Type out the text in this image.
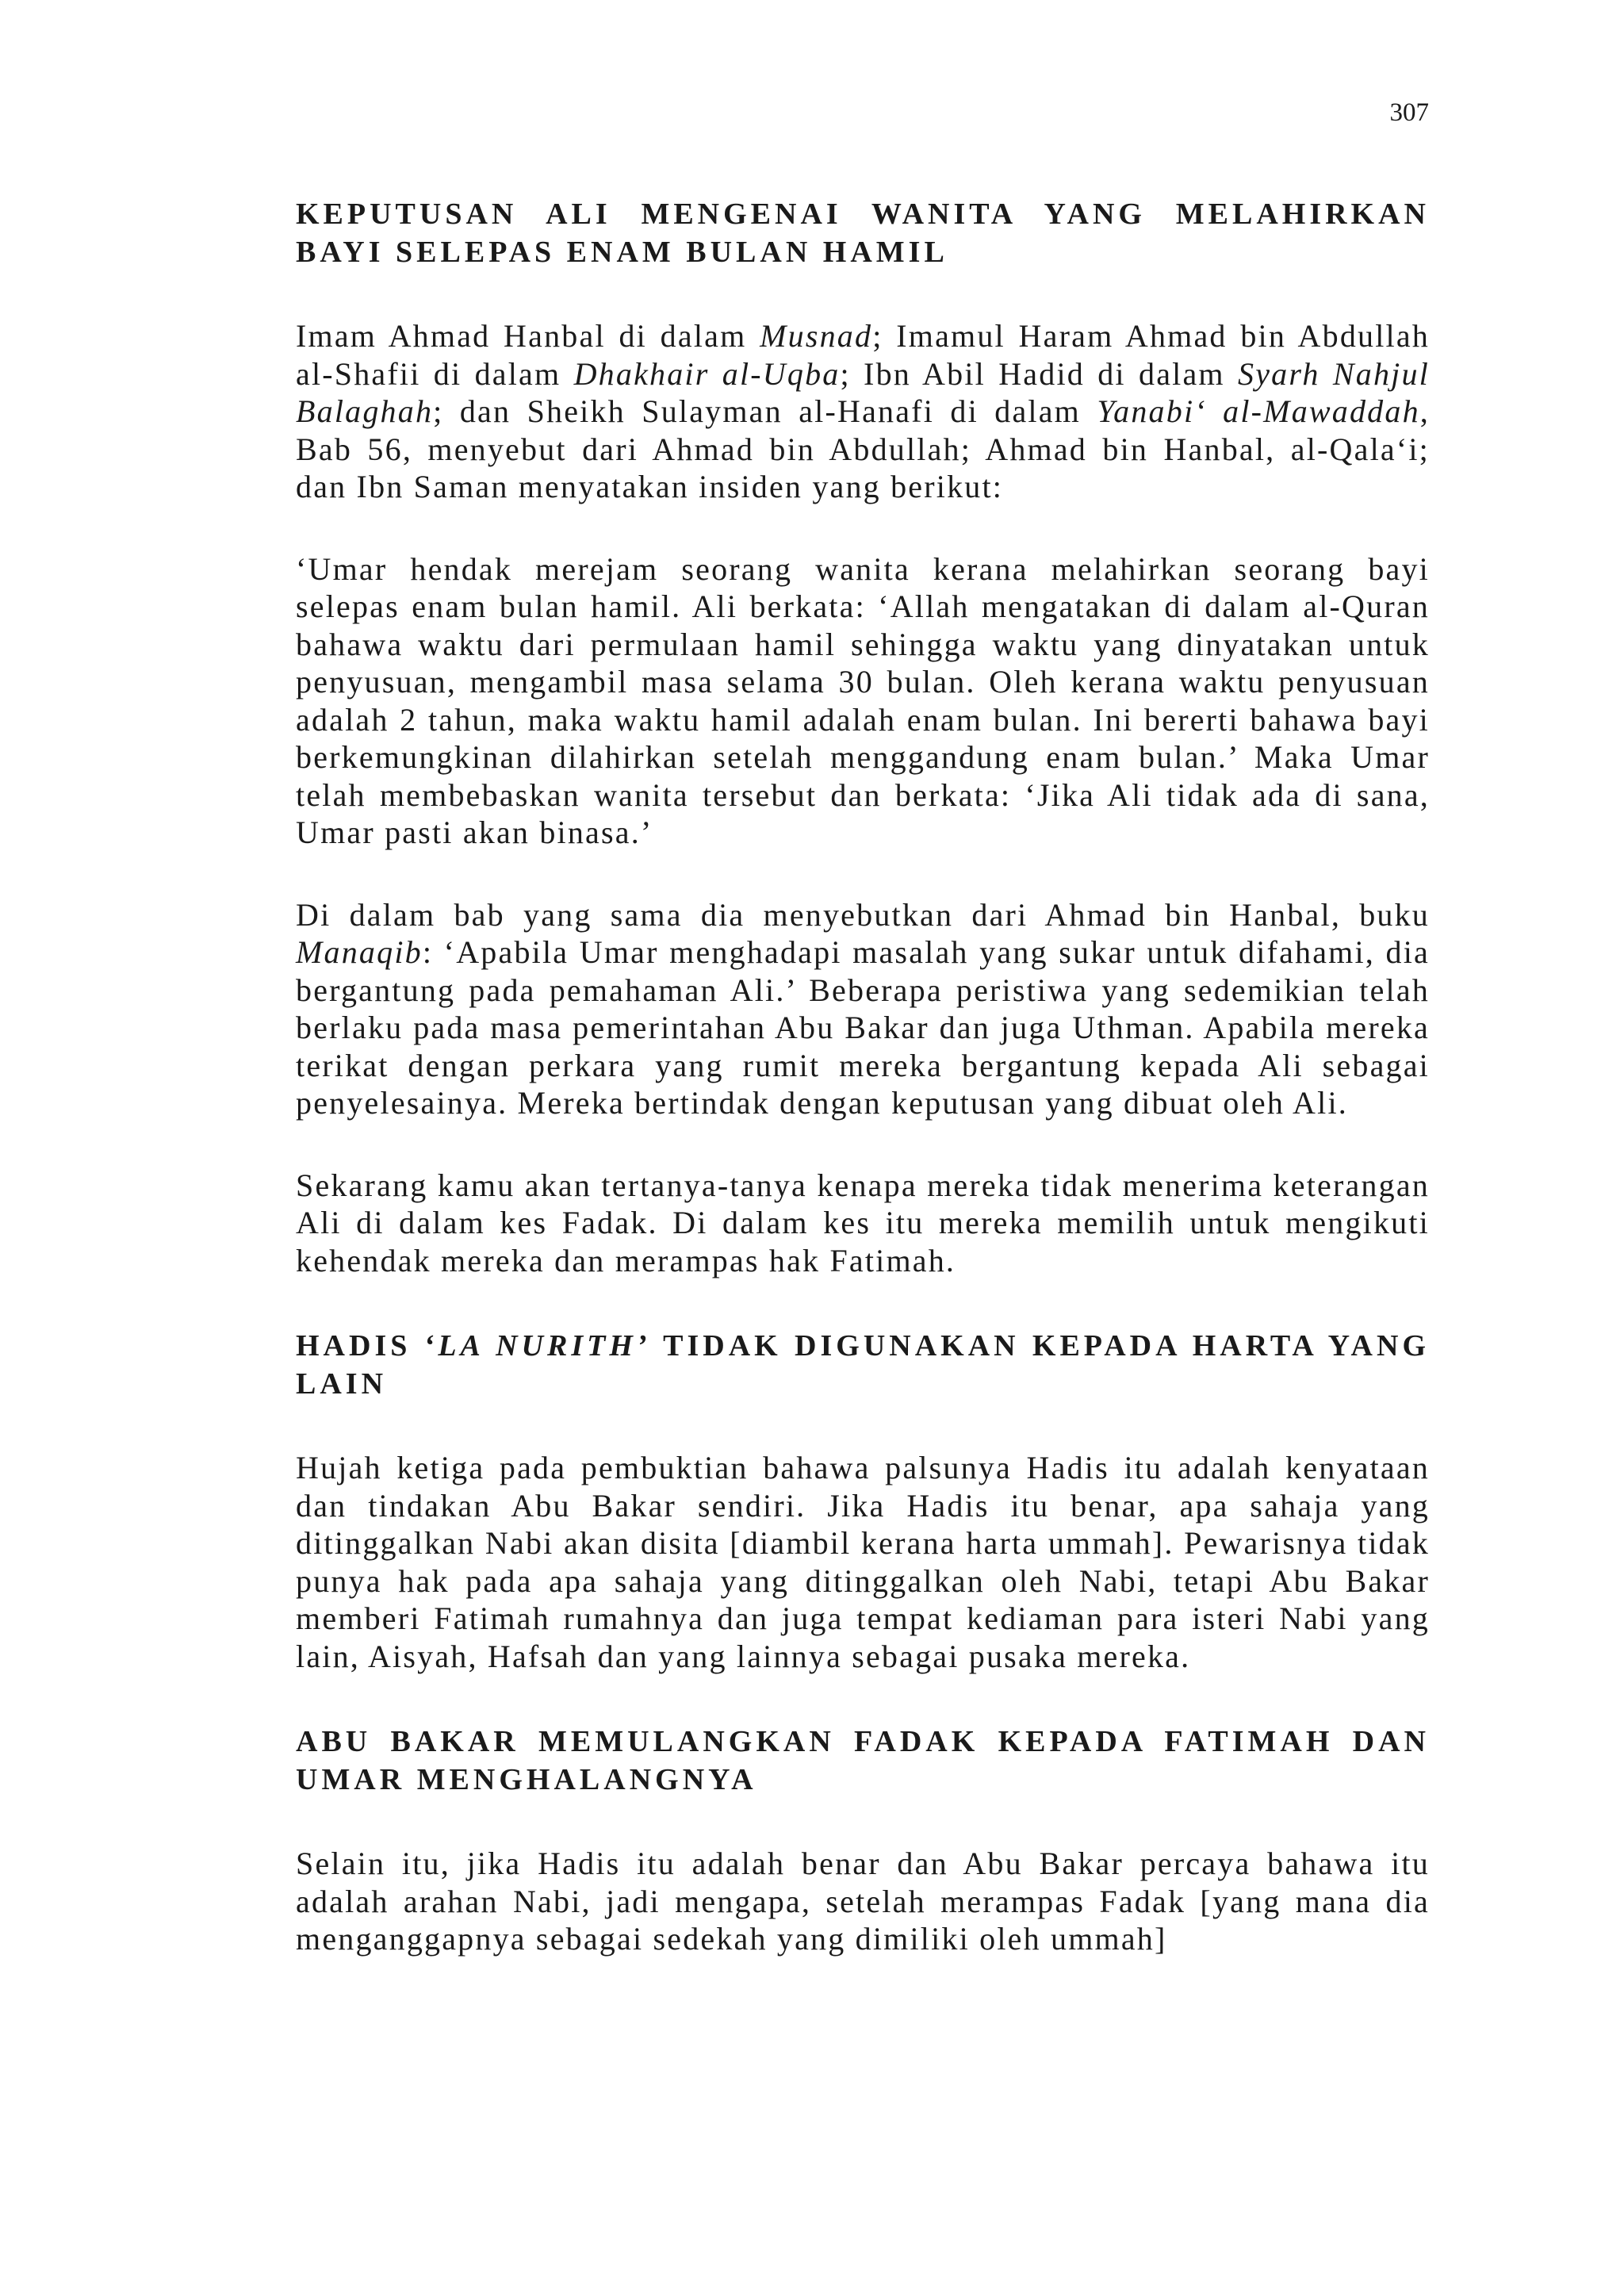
307
KEPUTUSAN ALI MENGENAI WANITA YANG MELAHIRKAN BAYI SELEPAS ENAM BULAN HAMIL

Imam Ahmad Hanbal di dalam Musnad; Imamul Haram Ahmad bin Abdullah al-Shafii di dalam Dhakhair al-Uqba; Ibn Abil Hadid di dalam Syarh Nahjul Balaghah; dan Sheikh Sulayman al-Hanafi di dalam Yanabi‘ al-Mawaddah, Bab 56, menyebut dari Ahmad bin Abdullah; Ahmad bin Hanbal, al-Qala‘i; dan Ibn Saman menyatakan insiden yang berikut:

‘Umar hendak merejam seorang wanita kerana melahirkan seorang bayi selepas enam bulan hamil. Ali berkata: ‘Allah mengatakan di dalam al-Quran bahawa waktu dari permulaan hamil sehingga waktu yang dinyatakan untuk penyusuan, mengambil masa selama 30 bulan. Oleh kerana waktu penyusuan adalah 2 tahun, maka waktu hamil adalah enam bulan. Ini bererti bahawa bayi berkemungkinan dilahirkan setelah menggandung enam bulan.’ Maka Umar telah membebaskan wanita tersebut dan berkata: ‘Jika Ali tidak ada di sana, Umar pasti akan binasa.’

Di dalam bab yang sama dia menyebutkan dari Ahmad bin Hanbal, buku Manaqib: ‘Apabila Umar menghadapi masalah yang sukar untuk difahami, dia bergantung pada pemahaman Ali.’ Beberapa peristiwa yang sedemikian telah berlaku pada masa pemerintahan Abu Bakar dan juga Uthman. Apabila mereka terikat dengan perkara yang rumit mereka bergantung kepada Ali sebagai penyelesainya. Mereka bertindak dengan keputusan yang dibuat oleh Ali.

Sekarang kamu akan tertanya-tanya kenapa mereka tidak menerima keterangan Ali di dalam kes Fadak. Di dalam kes itu mereka memilih untuk mengikuti kehendak mereka dan merampas hak Fatimah.

HADIS ‘LA NURITH’ TIDAK DIGUNAKAN KEPADA HARTA YANG LAIN

Hujah ketiga pada pembuktian bahawa palsunya Hadis itu adalah kenyataan dan tindakan Abu Bakar sendiri. Jika Hadis itu benar, apa sahaja yang ditinggalkan Nabi akan disita [diambil kerana harta ummah]. Pewarisnya tidak punya hak pada apa sahaja yang ditinggalkan oleh Nabi, tetapi Abu Bakar memberi Fatimah rumahnya dan juga tempat kediaman para isteri Nabi yang lain, Aisyah, Hafsah dan yang lainnya sebagai pusaka mereka.

ABU BAKAR MEMULANGKAN FADAK KEPADA FATIMAH DAN UMAR MENGHALANGNYA

Selain itu, jika Hadis itu adalah benar dan Abu Bakar percaya bahawa itu adalah arahan Nabi, jadi mengapa, setelah merampas Fadak [yang mana dia menganggapnya sebagai sedekah yang dimiliki oleh ummah]
